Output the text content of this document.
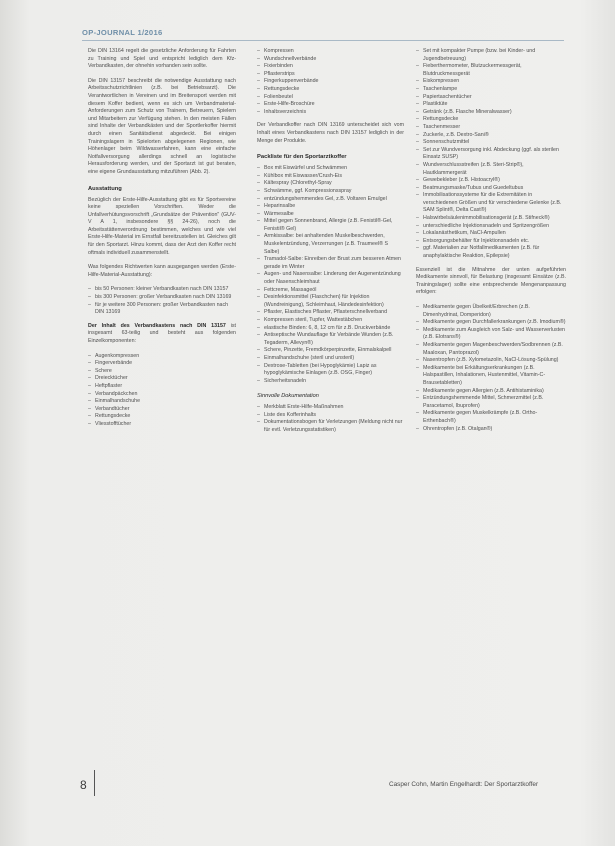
OP-JOURNAL 1/2016

Die DIN 13164 regelt die gesetzliche Anforderung für Fahrten zu Training und Spiel und entspricht lediglich dem Kfz-Verbandkasten, der ohnehin vorhanden sein sollte.

Die DIN 13157 beschreibt die notwendige Ausstattung nach Arbeitsschutzrichtlinien (z.B. bei Betriebsarzt). Die Verantwortlichen in Vereinen und im Breitensport werden mit diesem Koffer bedient, wenn es sich um Verbandmaterial-Anforderungen zum Schutz von Trainern, Betreuern, Spielern und Mitarbeitern zur Verfügung stehen. In den meisten Fällen sind Inhalte der Verbandkästen und der Sportlerkoffer hiermit durch einen Sanitätsdienst abgedeckt. Bei einigen Trainingslagern in Spielorten abgelegenen Regionen, wie Höhenlager beim Wildwasserfahren, kann eine einfache Notfallversorgung allerdings schnell an logistische Herausforderung werden, und der Sportarzt ist gut beraten, eine eigene Grundausstattung mitzuführen (Abb. 2).

Ausstattung

Bezüglich der Erste-Hilfe-Ausstattung gibt es für Sportvereine keine speziellen Vorschriften. Weder die Unfallverhütungsvorschrift „Grundsätze der Prävention" (GUV-V A 1, insbesondere §§ 24-26), noch die Arbeitsstättenverordnung bestimmen, welches und wie viel Erste-Hilfe-Material im Ernstfall bereitzustellen ist. Gleiches gilt für den Sportarzt. Hinzu kommt, dass der Arzt den Koffer recht oftmals individuell zusammenstellt.

Was folgendes Richtwerten kann ausgegangen werden (Erste-Hilfe-Material-Ausstattung):

– bis 50 Personen: kleiner Verbandkasten nach DIN 13157
– bis 300 Personen: großer Verbandkasten nach DIN 13169
– für je weitere 300 Personen: großer Verbandkasten nach DIN 13169

Der Inhalt des Verbandkastens nach DIN 13157 ist insgesamt 63-teilig und besteht aus folgenden Einzelkomponenten:

– Augenkompressen
– Fingerverbände
– Schere
– Dreiecktücher
– Heftpflaster
– Verbandpäckchen
– Einmalhandschuhe
– Verbandtücher
– Rettungsdecke
– Vliesstofftücher
– Kompressen
– Wundschnellverbände
– Fixierbinden
– Pflasterstrips
– Fingerkuppenverbände
– Rettungsdecke
– Folienbeutel
– Erste-Hilfe-Broschüre
– Inhaltsverzeichnis

Der Verbandkoffer nach DIN 13169 unterscheidet sich vom Inhalt eines Verbandkastens nach DIN 13157 lediglich in der Menge der Produkte.

Packliste für den Sportarztkoffer
– Box mit Eiswürfel und Schwämmen
– Kühlbox mit Eiswasser/Crush-Eis
– Kältespray (Chlorethyl-Spray
– Schwämme, ggf. Kompressionsspray
– entzündungshemmendes Gel, z.B. Voltaren Emulgel
– Heparinsalbe
– Wärmesalbe
– Mittel gegen Sonnenbrand, Allergie (z.B. Fenistil®-Gel, Fenistil® Gel)
– Armkissalbe: bei anhaltenden Muskelbeschwerden, Muskelentzündung, Verzerrungen (z.B. Traumeel® S Salbe)
– Tramadol-Salbe: Einreiben der Brust zum besseren Atmen gerade im Winter
– Augen- und Nasensalbe: Linderung der Augenentzündung oder Nasenschleimhaut
– Fettcreme, Massageöl
– Desinfektionsmittel (Flaschchen) für Injektion (Wundreinigung), Schleimhaut, Händedesinfektion)
– Pflaster, Elastisches Pflaster, Pflasterschnellverband
– Kompressen steril, Tupfer, Wattestäbchen
– elastische Binden: 6, 8, 12 cm für z.B. Druckverbände
– Antiseptische Wundauflage für Verbände Wunden (z.B. Tegaderm, Allevyn®)
– Schere, Pinzette, Fremdkörperpinzette, Einmalskalpell
– Einmalhandschuhe (steril und unsteril)
– Dextrose-Tabletten (bei Hypoglykämie) Lapiz as hypoglykämische Einlagen (z.B. OSG, Finger)
– Sicherheitsnadeln
Sinnvolle Dokumentation
– Merkblatt Erste-Hilfe-Maßnahmen
– Liste des Kofferinhalts
– Dokumentationsbogen für Verletzungen (Meldung nicht nur für evtl. Verletzungsstatistiken)
– Set mit kompakter Pumpe (bzw. bei Kinder- und Jugendbetreuung)
– Fieberthermometer, Blutzuckermessgerät, Blutdruckmessgerät
– Eiskompressen
– Taschenlampe
– Papiertaschentücher
– Plastiktüte
– Getränk (z.B. Flasche Mineralwasser)
– Rettungsdecke
– Taschenmesser
– Zuckerle, z.B. Dextro-Sani®
– Sonnenschutzmittel
– Set zur Wundversorgung inkl. Abdeckung (ggf. als sterilen Einsatz SUSP)
– Wundverschlussstreifen (z.B. Steri-Strip®), Hautklammergerät
– Gewebekleber (z.B. Histoacryl®)
– Beatmungsmaske/Tubus und Guedeltubus
– Immobilisationssysteme für die Extremitäten in verschiedenen Größen und für verschiedene Gelenke (z.B. SAM Splint®, Delta Cast®)
– Halswirbelsäulenimmobilisationsgerät (z.B. Stifneck®)
– unterschiedliche Injektionsnadeln und Spritzengrößen
– Lokalanästhetikum, NaCl-Ampullen
– Entsorgungsbehälter für Injektionsnadeln etc.
– ggf. Materialien zur Notfallmedikamenten (z.B. für anaphylaktische Reaktion, Epilepsie)

Essenziell ist die Mitnahme der unten aufgeführten Medikamente sinnvoll, für Belastung (insgesamt Einsätze (z.B. Trainingslager) sollte eine entsprechende Mengenanpassung erfolgen:

– Medikamente gegen Übelkeit/Erbrechen (z.B. Dimenhydrinat, Domperidon)
– Medikamente gegen Durchfallerkrankungen (z.B. Imodium®)
– Medikamente zum Ausgleich von Salz- und Wasserverlusten (z.B. Elotrans®)
– Medikamente gegen Magenbeschwerden/Sodbrennen (z.B. Maaloxan, Pantoprazol)
– Nasentropfen (z.B. Xylometazolin, NaCl-Lösung-Spülung)
– Medikamente bei Erkältungserkrankungen (z.B. Halspastillen, Inhalationen, Hustenmittel, Vitamin-C-Brausetabletten)
– Medikamente gegen Allergien (z.B. Antihistaminika)
– Entzündungshemmende Mittel, Schmerzmittel (z.B. Paracetamol, Ibuprofen)
– Medikamente gegen Muskelkrämpfe (z.B. Ortho-Erthenbach®)
– Ohrentropfen (z.B. Otalgan®)
8	Casper Cohn, Martin Engelhardt: Der Sportarztkoffer
